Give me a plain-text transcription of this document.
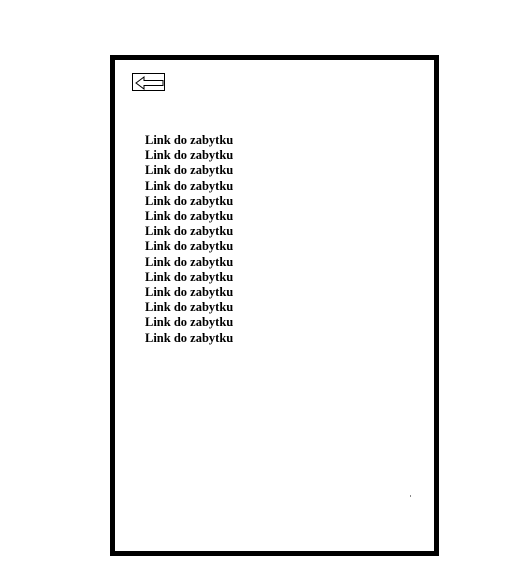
Link do zabytku
Link do zabytku
Link do zabytku
Link do zabytku
Link do zabytku
Link do zabytku
Link do zabytku
Link do zabytku
Link do zabytku
Link do zabytku
Link do zabytku
Link do zabytku
Link do zabytku
Link do zabytku
